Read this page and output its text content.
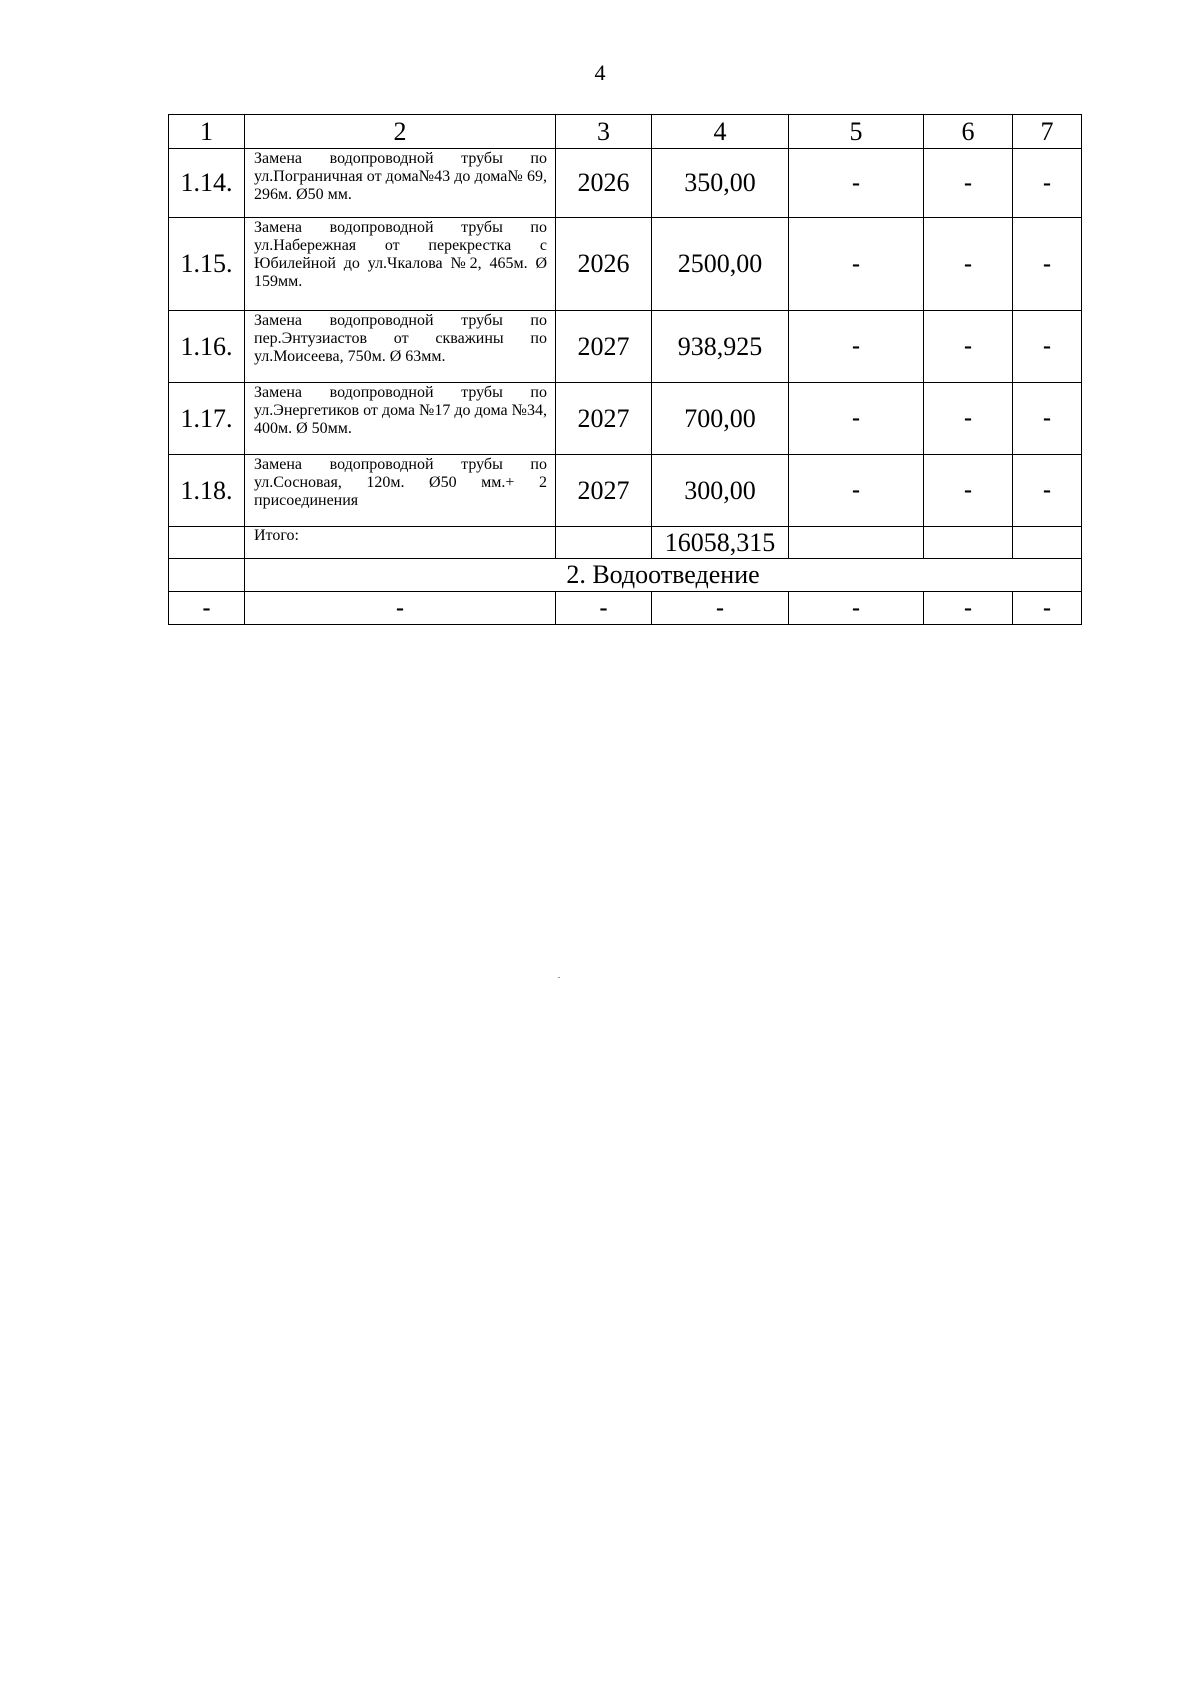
4
1	2	3	4	5	6	7
1.14.	Замена водопроводной трубы по ул.Пограничная от дома№43 до дома№ 69, 296м. Ø50 мм.	2026	350,00	-	-	-
1.15.	Замена водопроводной трубы по ул.Набережная от перекрестка с Юбилейной до ул.Чкалова №2, 465м. Ø 159мм.	2026	2500,00	-	-	-
1.16.	Замена водопроводной трубы по пер.Энтузиастов от скважины по ул.Моисеева, 750м. Ø 63мм.	2027	938,925	-	-	-
1.17.	Замена водопроводной трубы по ул.Энергетиков от дома №17 до дома №34, 400м. Ø 50мм.	2027	700,00	-	-	-
1.18.	Замена водопроводной трубы по ул.Сосновая, 120м. Ø50 мм.+ 2 присоединения	2027	300,00	-	-	-
	Итого:		16058,315			
	2. Водоотведение					
-	-	-	-	-	-	-
